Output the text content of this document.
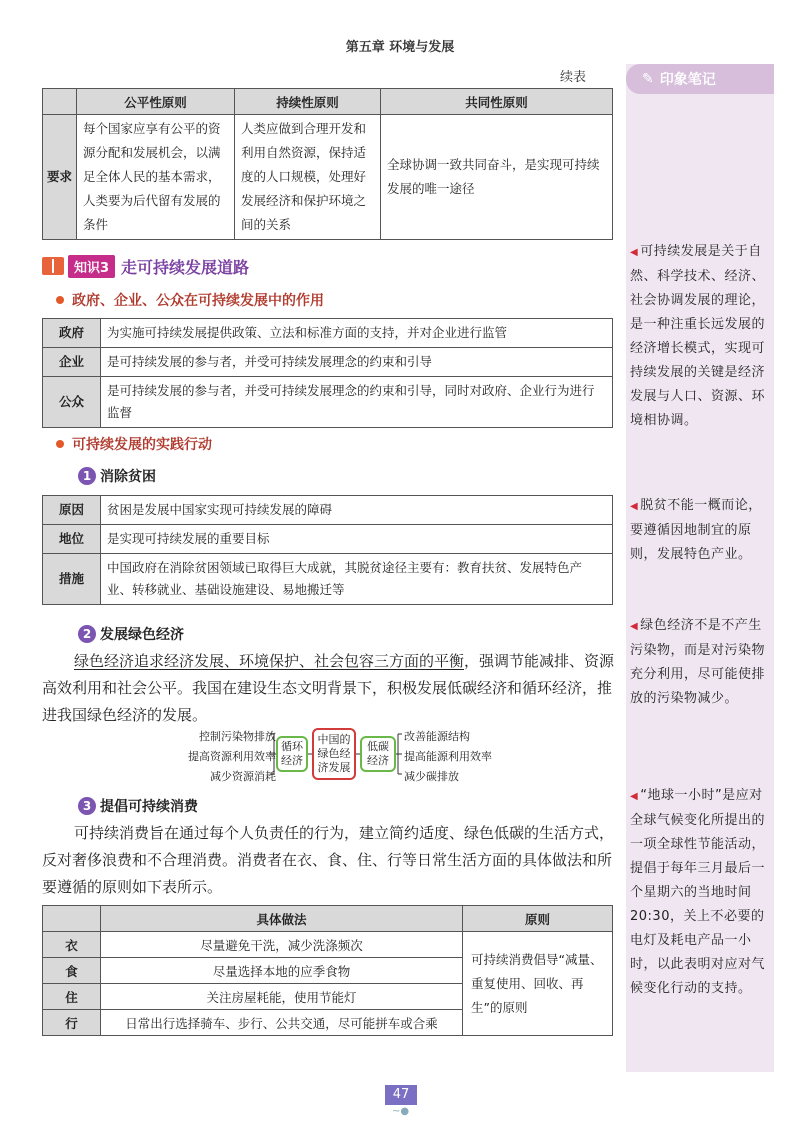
第五章 环境与发展
续表	✎ 印象笔记
◀ 可持续发展是关于自然、科学技术、经济、社会协调发展的理论，是一种注重长远发展的经济增长模式，实现可持续发展的关键是经济发展与人口、资源、环境相协调。
◀ 脱贫不能一概而论，要遵循因地制宜的原则，发展特色产业。
◀ 绿色经济不是不产生污染物，而是对污染物充分利用，尽可能使排放的污染物减少。
◀ “地球一小时”是应对全球气候变化所提出的一项全球性节能活动，提倡于每年三月最后一个星期六的当地时间20:30，关上不必要的电灯及耗电产品一小时，以此表明对应对气候变化行动的支持。
	公平性原则	持续性原则	共同性原则
要求	每个国家应享有公平的资源分配和发展机会，以满足全体人民的基本需求，人类要为后代留有发展的条件	人类应做到合理开发和利用自然资源，保持适度的人口规模，处理好发展经济和保护环境之间的关系	全球协调一致共同奋斗，是实现可持续发展的唯一途径
知识3 走可持续发展道路
政府、企业、公众在可持续发展中的作用
政府	为实施可持续发展提供政策、立法和标准方面的支持，并对企业进行监管
企业	是可持续发展的参与者，并受可持续发展理念的约束和引导
公众	是可持续发展的参与者，并受可持续发展理念的约束和引导，同时对政府、企业行为进行监督
可持续发展的实践行动
1 消除贫困
原因	贫困是发展中国家实现可持续发展的障碍
地位	是实现可持续发展的重要目标
措施	中国政府在消除贫困领域已取得巨大成就，其脱贫途径主要有：教育扶贫、发展特色产业、转移就业、基础设施建设、易地搬迁等
2 发展绿色经济
绿色经济追求经济发展、环境保护、社会包容三方面的平衡，强调节能减排、资源高效利用和社会公平。我国在建设生态文明背景下，积极发展低碳经济和循环经济，推进我国绿色经济的发展。
控制污染物排放
提高资源利用效率
减少资源消耗
循环经济
中国的绿色经济发展
低碳经济
改善能源结构
提高能源利用效率
减少碳排放
3 提倡可持续消费
可持续消费旨在通过每个人负责任的行为，建立简约适度、绿色低碳的生活方式，反对奢侈浪费和不合理消费。消费者在衣、食、住、行等日常生活方面的具体做法和所要遵循的原则如下表所示。
	具体做法	原则
衣	尽量避免干洗，减少洗涤频次	可持续消费倡导“减量、重复使用、回收、再生”的原则
食	尽量选择本地的应季食物	
住	关注房屋耗能，使用节能灯	
行	日常出行选择骑车、步行、公共交通，尽可能拼车或合乘	
47
~●
